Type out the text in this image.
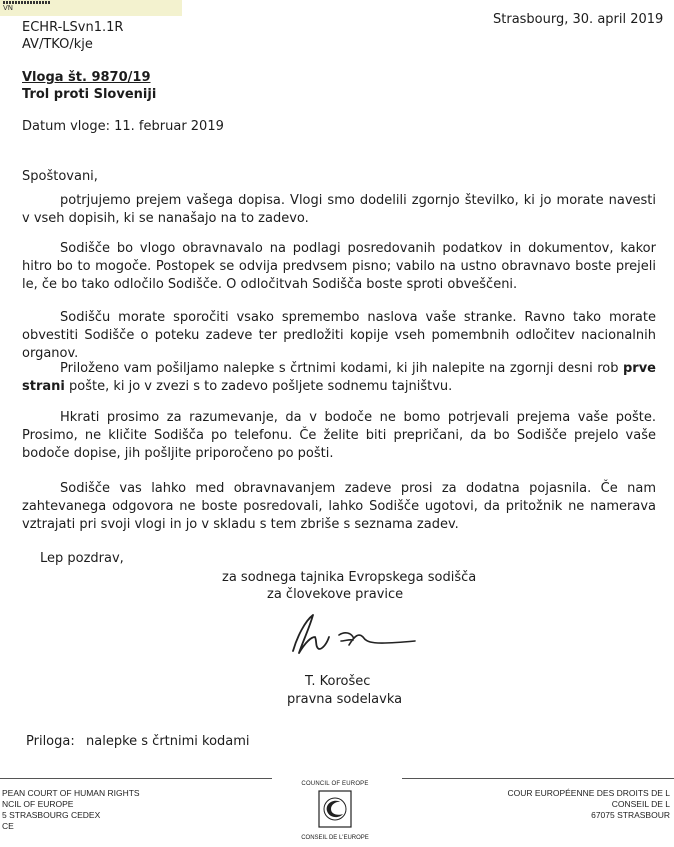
VN
ECHR-LSvn1.1R
AV/TKO/kje
Strasbourg, 30. april 2019
Vloga št. 9870/19
Trol proti Sloveniji
Datum vloge: 11. februar 2019
Spoštovani,
potrjujemo prejem vašega dopisa. Vlogi smo dodelili zgornjo številko, ki jo morate navesti v vseh dopisih, ki se nanašajo na to zadevo.
Sodišče bo vlogo obravnavalo na podlagi posredovanih podatkov in dokumentov, kakor hitro bo to mogoče. Postopek se odvija predvsem pisno; vabilo na ustno obravnavo boste prejeli le, če bo tako odločilo Sodišče. O odločitvah Sodišča boste sproti obveščeni.
Sodišču morate sporočiti vsako spremembo naslova vaše stranke. Ravno tako morate obvestiti Sodišče o poteku zadeve ter predložiti kopije vseh pomembnih odločitev nacionalnih organov.
Priloženo vam pošiljamo nalepke s črtnimi kodami, ki jih nalepite na zgornji desni rob prve strani pošte, ki jo v zvezi s to zadevo pošljete sodnemu tajništvu.
Hkrati prosimo za razumevanje, da v bodoče ne bomo potrjevali prejema vaše pošte. Prosimo, ne kličite Sodišča po telefonu. Če želite biti prepričani, da bo Sodišče prejelo vaše bodoče dopise, jih pošljite priporočeno po pošti.
Sodišče vas lahko med obravnavanjem zadeve prosi za dodatna pojasnila. Če nam zahtevanega odgovora ne boste posredovali, lahko Sodišče ugotovi, da pritožnik ne namerava vztrajati pri svoji vlogi in jo v skladu s tem zbriše s seznama zadev.
Lep pozdrav,
za sodnega tajnika Evropskega sodišča
za človekove pravice
T. Korošec
pravna sodelavka
Priloga: nalepke s črtnimi kodami
PEAN COURT OF HUMAN RIGHTS
NCIL OF EUROPE
5 STRASBOURG CEDEX
CE
COUR EUROPÉENNE DES DROITS DE L
CONSEIL DE L
67075 STRASBOUR
COUNCIL OF EUROPE
CONSEIL DE L'EUROPE
